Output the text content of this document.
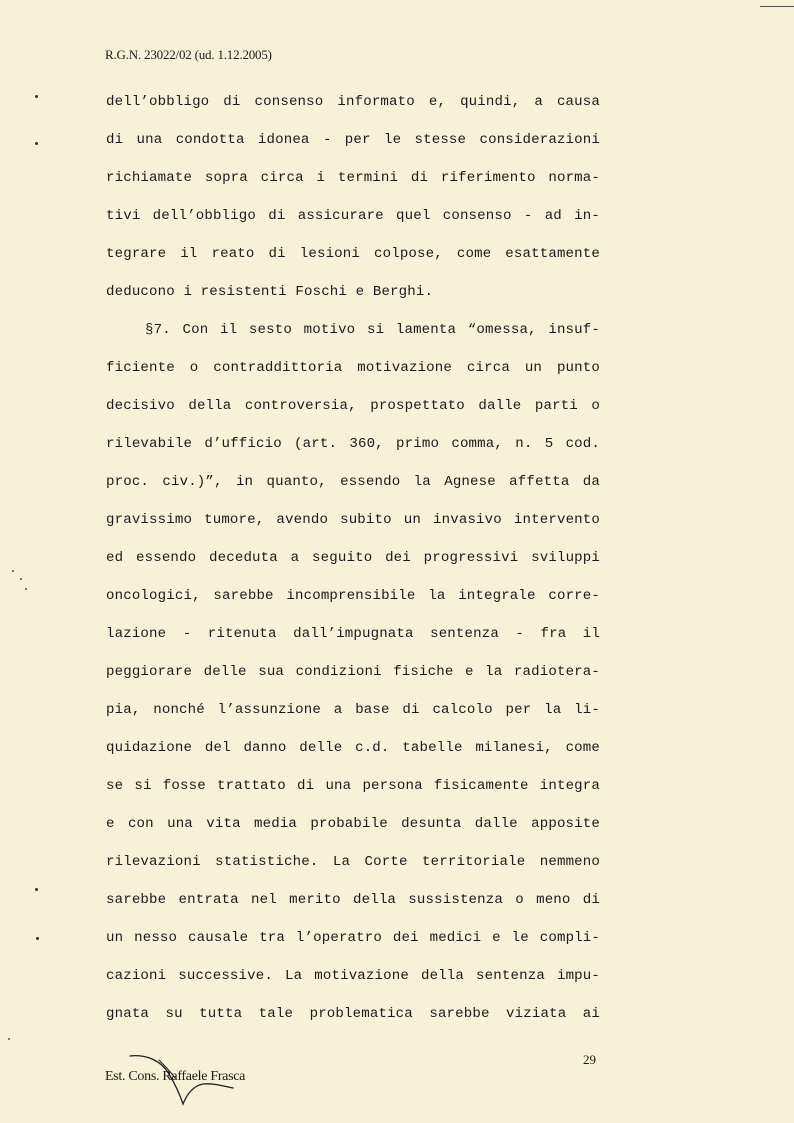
R.G.N. 23022/02 (ud. 1.12.2005)
dell’obbligo di consenso informato e, quindi, a causa
di una condotta idonea - per le stesse considerazioni
richiamate sopra circa i termini di riferimento norma-
tivi dell’obbligo di assicurare quel consenso - ad in-
tegrare il reato di lesioni colpose, come esattamente
deducono i resistenti Foschi e Berghi.
§7. Con il sesto motivo si lamenta “omessa, insuf-
ficiente o contraddittoria motivazione circa un punto
decisivo della controversia, prospettato dalle parti o
rilevabile d’ufficio (art. 360, primo comma, n. 5 cod.
proc. civ.)”, in quanto, essendo la Agnese affetta da
gravissimo tumore, avendo subito un invasivo intervento
ed essendo deceduta a seguito dei progressivi sviluppi
oncologici, sarebbe incomprensibile la integrale corre-
lazione - ritenuta dall’impugnata sentenza - fra il
peggiorare delle sua condizioni fisiche e la radiotera-
pia, nonché l’assunzione a base di calcolo per la li-
quidazione del danno delle c.d. tabelle milanesi, come
se si fosse trattato di una persona fisicamente integra
e con una vita media probabile desunta dalle apposite
rilevazioni statistiche. La Corte territoriale nemmeno
sarebbe entrata nel merito della sussistenza o meno di
un nesso causale tra l’operatro dei medici e le compli-
cazioni successive. La motivazione della sentenza impu-
gnata su tutta tale problematica sarebbe viziata ai
29
Est. Cons. Raffaele Frasca
